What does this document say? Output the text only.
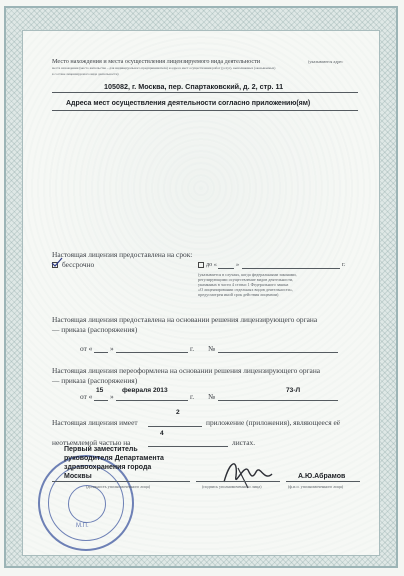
Место нахождения и места осуществления лицензируемого вида деятельности	(указываются адрес
места нахождения (место жительства – для индивидуального предпринимателя) и адреса мест осуществления работ (услуг), выполняемых (оказываемых)
в составе лицензируемого вида деятельности)
105082, г. Москва, пер. Спартаковский, д. 2, стр. 11
Адреса мест осуществления деятельности согласно приложению(ям)
Настоящая лицензия предоставлена на срок:
бессрочно	до «	»	г.
(указывается в случаях, когда федеральными законами,
регулирующими осуществление видов деятельности,
указанных в части 4 статьи 1 Федерального закона
«О лицензировании отдельных видов деятельности»,
предусмотрен иной срок действия лицензии)
Настоящая лицензия предоставлена на основании решения лицензирующего органа
— приказа (распоряжения)
от « »	г. №
Настоящая лицензия переоформлена на основании решения лицензирующего органа
— приказа (распоряжения)
от «
15
»
февраля 2013
г. №
73-Л
2
Настоящая лицензия имеет	приложение (приложения), являющееся её
4
неотъемлемой частью на	листах.
М.П.
Первый заместитель
руководителя Департамента
здравоохранения города
Москвы
(должность уполномоченного лица)	(подпись уполномоченного лица)
А.Ю.Абрамов
(ф.и.о. уполномоченного лица)
